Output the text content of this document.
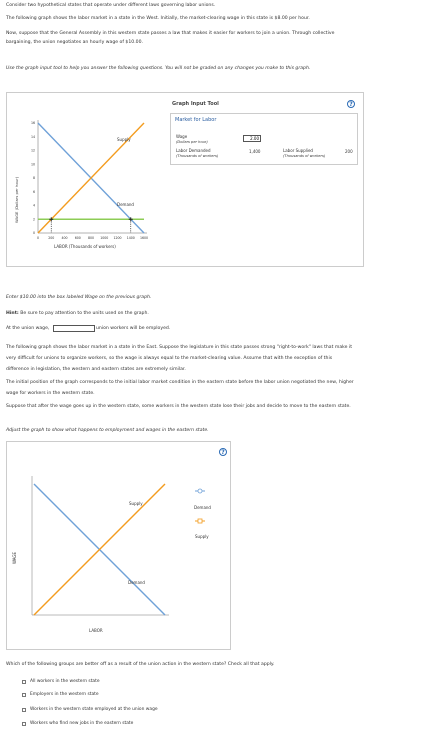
Consider two hypothetical states that operate under different laws governing labor unions.

The following graph shows the labor market in a state in the West. Initially, the market-clearing wage in this state is $8.00 per hour.

Now, suppose that the General Assembly in this western state passes a law that makes it easier for workers to join a union. Through collective

bargaining, the union negotiates an hourly wage of $10.00.

Use the graph input tool to help you answer the following questions. You will not be graded on any changes you make to this graph.

WAGE (Dollars per hour)
16
14
12
10
8
6
4
2
0
0	200 400 600 800 1000 1200 1400 1600
Supply
Demand
LABOR (Thousands of workers)
Graph Input Tool	?
Market for Labor
Wage
(Dollars per hour)
2.00
Labor Demanded
(Thousands of workers)
1,400	Labor Supplied
(Thousands of workers)
200

Enter $10.00 into the box labeled Wage on the previous graph.

Hint: Be sure to pay attention to the units used on the graph.

At the union wage,	union workers will be employed.

The following graph shows the labor market in a state in the East. Suppose the legislature in this state passes strong "right-to-work" laws that make it

very difficult for unions to organize workers, so the wage is always equal to the market-clearing value. Assume that with the exception of this

difference in legislation, the western and eastern states are extremely similar.

The initial position of the graph corresponds to the initial labor market condition in the eastern state before the labor union negotiated the new, higher

wage for workers in the western state.

Suppose that after the wage goes up in the western state, some workers in the western state lose their jobs and decide to move to the eastern state.

Adjust the graph to show what happens to employment and wages in the eastern state.

?
WAGE
Supply
Demand
LABOR
Demand
Supply

Which of the following groups are better off as a result of the union action in the western state? Check all that apply.

All workers in the western state
Employers in the western state
Workers in the western state employed at the union wage
Workers who find new jobs in the eastern state
